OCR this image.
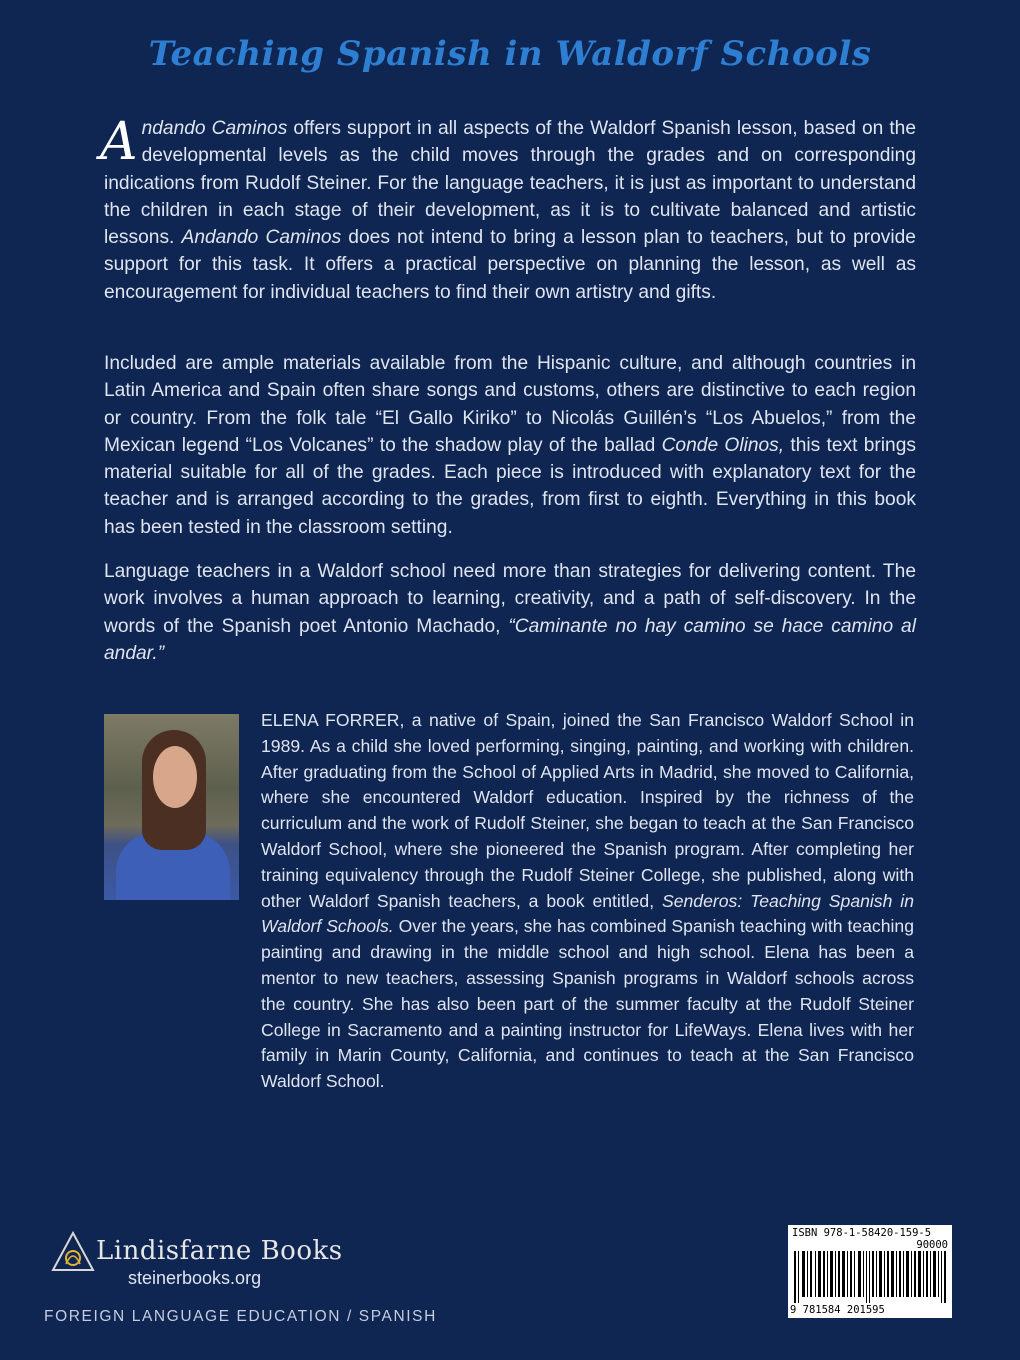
Teaching Spanish in Waldorf Schools

Andando Caminos offers support in all aspects of the Waldorf Spanish lesson, based on the developmental levels as the child moves through the grades and on corresponding indications from Rudolf Steiner. For the language teachers, it is just as important to understand the children in each stage of their development, as it is to cultivate balanced and artistic lessons. Andando Caminos does not intend to bring a lesson plan to teachers, but to provide support for this task. It offers a practical perspective on planning the lesson, as well as encouragement for individual teachers to find their own artistry and gifts.

Included are ample materials available from the Hispanic culture, and although countries in Latin America and Spain often share songs and customs, others are distinctive to each region or country. From the folk tale “El Gallo Kiriko” to Nicolás Guillén’s “Los Abuelos,” from the Mexican legend “Los Volcanes” to the shadow play of the ballad Conde Olinos, this text brings material suitable for all of the grades. Each piece is introduced with explanatory text for the teacher and is arranged according to the grades, from first to eighth. Everything in this book has been tested in the classroom setting.

Language teachers in a Waldorf school need more than strategies for delivering content. The work involves a human approach to learning, creativity, and a path of self-discovery. In the words of the Spanish poet Antonio Machado, “Caminante no hay camino se hace camino al andar.”

ELENA FORRER, a native of Spain, joined the San Francisco Waldorf School in 1989. As a child she loved performing, singing, painting, and working with children. After graduating from the School of Applied Arts in Madrid, she moved to California, where she encountered Waldorf education. Inspired by the richness of the curriculum and the work of Rudolf Steiner, she began to teach at the San Francisco Waldorf School, where she pioneered the Spanish program. After completing her training equivalency through the Rudolf Steiner College, she published, along with other Waldorf Spanish teachers, a book entitled, Senderos: Teaching Spanish in Waldorf Schools. Over the years, she has combined Spanish teaching with teaching painting and drawing in the middle school and high school. Elena has been a mentor to new teachers, assessing Spanish programs in Waldorf schools across the country. She has also been part of the summer faculty at the Rudolf Steiner College in Sacramento and a painting instructor for LifeWays. Elena lives with her family in Marin County, California, and continues to teach at the San Francisco Waldorf School.

Lindisfarne Books
steinerbooks.org
FOREIGN LANGUAGE EDUCATION / SPANISH
ISBN 978-1-58420-159-5
90000
9 781584 201595
